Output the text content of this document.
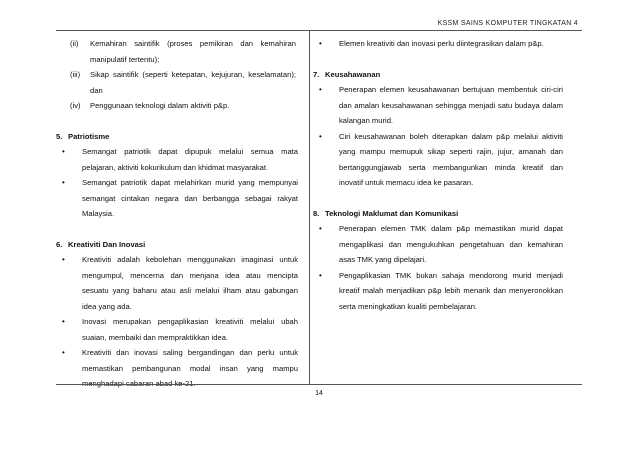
KSSM SAINS KOMPUTER TINGKATAN 4
(ii)	Kemahiran saintifik (proses pemikiran dan kemahiran manipulatif tertentu);
(iii)	Sikap saintifik (seperti ketepatan, kejujuran, keselamatan); dan
(iv)	Penggunaan teknologi dalam aktiviti p&p.
5. Patriotisme
•	Semangat patriotik dapat dipupuk melalui semua mata pelajaran, aktiviti kokurikulum dan khidmat masyarakat.
•	Semangat patriotik dapat melahirkan murid yang mempunyai semangat cintakan negara dan berbangga sebagai rakyat Malaysia.
6. Kreativiti Dan Inovasi
•	Kreativiti adalah kebolehan menggunakan imaginasi untuk mengumpul, mencerna dan menjana idea atau mencipta sesuatu yang baharu atau asli melalui ilham atau gabungan idea yang ada.
•	Inovasi merupakan pengaplikasian kreativiti melalui ubah suaian, membaiki dan mempraktikkan idea.
•	Kreativiti dan inovasi saling bergandingan dan perlu untuk memastikan pembangunan modal insan yang mampu menghadapi cabaran abad ke-21.
•	Elemen kreativiti dan inovasi perlu diintegrasikan dalam p&p.
7. Keusahawanan
•	Penerapan elemen keusahawanan bertujuan membentuk ciri-ciri dan amalan keusahawanan sehingga menjadi satu budaya dalam kalangan murid.
•	Ciri keusahawanan boleh diterapkan dalam p&p melalui aktiviti yang mampu memupuk sikap seperti rajin, jujur, amanah dan bertanggungjawab serta membangunkan minda kreatif dan inovatif untuk memacu idea ke pasaran.
8. Teknologi Maklumat dan Komunikasi
•	Penerapan elemen TMK dalam p&p memastikan murid dapat mengaplikasi dan mengukuhkan pengetahuan dan kemahiran asas TMK yang dipelajari.
•	Pengaplikasian TMK bukan sahaja mendorong murid menjadi kreatif malah menjadikan p&p lebih menarik dan menyeronokkan serta meningkatkan kualiti pembelajaran.
14
